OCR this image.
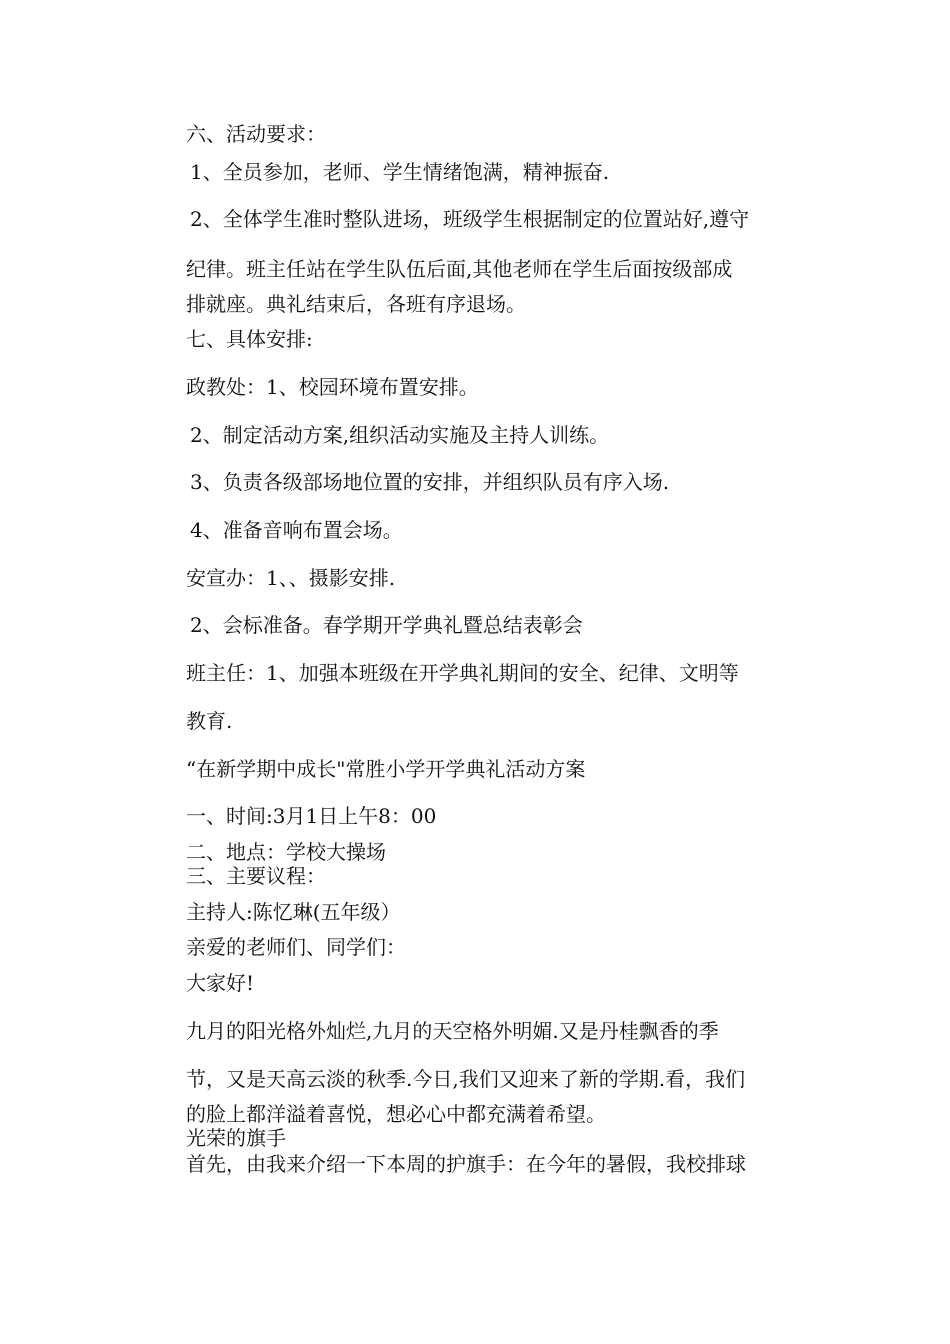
六、活动要求：
1、全员参加，老师、学生情绪饱满，精神振奋.
2、全体学生准时整队进场，班级学生根据制定的位置站好,遵守
纪律。班主任站在学生队伍后面,其他老师在学生后面按级部成
排就座。典礼结束后，各班有序退场。
七、具体安排:
政教处：1、校园环境布置安排。
2、制定活动方案,组织活动实施及主持人训练。
3、负责各级部场地位置的安排，并组织队员有序入场.
4、准备音响布置会场。
安宣办：1、、摄影安排.
2、会标准备。春学期开学典礼暨总结表彰会
班主任：1、加强本班级在开学典礼期间的安全、纪律、文明等
教育.
“在新学期中成长"常胜小学开学典礼活动方案
一、时间:3月1日上午8：00
二、地点：学校大操场
三、主要议程：
主持人:陈忆琳(五年级）
亲爱的老师们、同学们：
大家好!
九月的阳光格外灿烂,九月的天空格外明媚.又是丹桂飘香的季
节，又是天高云淡的秋季.今日,我们又迎来了新的学期.看，我们
的脸上都洋溢着喜悦，想必心中都充满着希望。
光荣的旗手
首先，由我来介绍一下本周的护旗手：在今年的暑假，我校排球
